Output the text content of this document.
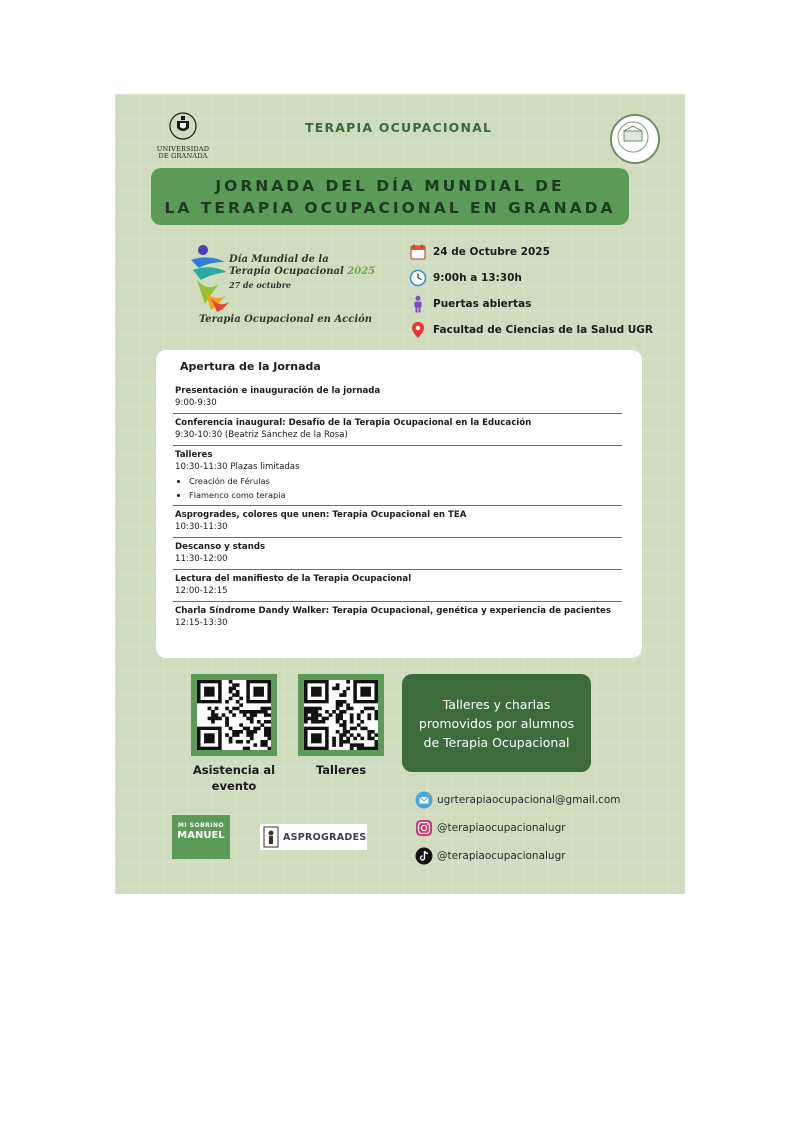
UNIVERSIDAD
DE GRANADA
TERAPIA OCUPACIONAL
JORNADA DEL DÍA MUNDIAL DE
LA TERAPIA OCUPACIONAL EN GRANADA
Día Mundial de la
Terapia Ocupacional 2025
27 de octubre
Terapia Ocupacional en Acción
24 de Octubre 2025
9:00h a 13:30h
Puertas abiertas
Facultad de Ciencias de la Salud UGR
Apertura de la Jornada
Presentación e inauguración de la jornada
9:00-9:30
Conferencia inaugural: Desafío de la Terapia Ocupacional en la Educación
9:30-10:30 (Beatriz Sánchez de la Rosa)
Talleres
10:30-11:30 Plazas limitadas
• Creación de Férulas
• Flamenco como terapia
Asprogrades, colores que unen: Terapia Ocupacional en TEA
10:30-11:30
Descanso y stands
11:30-12:00
Lectura del manifiesto de la Terapia Ocupacional
12:00-12:15
Charla Síndrome Dandy Walker: Terapia Ocupacional, genética y experiencia de pacientes
12:15-13:30
Asistencia al evento
Talleres
Talleres y charlas promovidos por alumnos de Terapia Ocupacional
MI SOBRINO
MANUEL	ASPROGRADES
ugrterapiaocupacional@gmail.com
@terapiaocupacionalugr
@terapiaocupacionalugr
